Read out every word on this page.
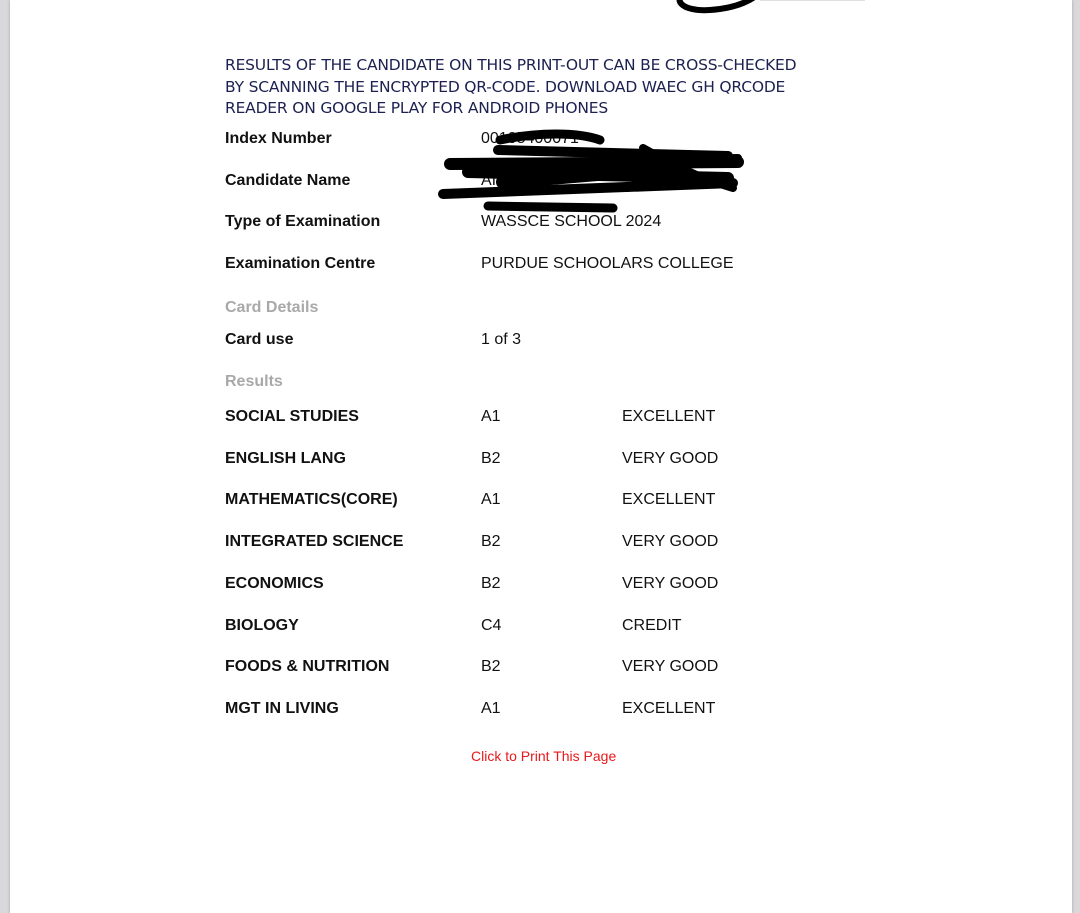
RESULTS OF THE CANDIDATE ON THIS PRINT-OUT CAN BE CROSS-CHECKED
BY SCANNING THE ENCRYPTED QR-CODE. DOWNLOAD WAEC GH QRCODE
READER ON GOOGLE PLAY FOR ANDROID PHONES
Index Number	00105400071
Candidate Name	AI A
Type of Examination	WASSCE SCHOOL 2024
Examination Centre	PURDUE SCHOOLARS COLLEGE
Card Details
Card use	1 of 3
Results
SOCIAL STUDIES	A1	EXCELLENT
ENGLISH LANG	B2	VERY GOOD
MATHEMATICS(CORE)	A1	EXCELLENT
INTEGRATED SCIENCE	B2	VERY GOOD
ECONOMICS	B2	VERY GOOD
BIOLOGY	C4	CREDIT
FOODS & NUTRITION	B2	VERY GOOD
MGT IN LIVING	A1	EXCELLENT
Click to Print This Page
